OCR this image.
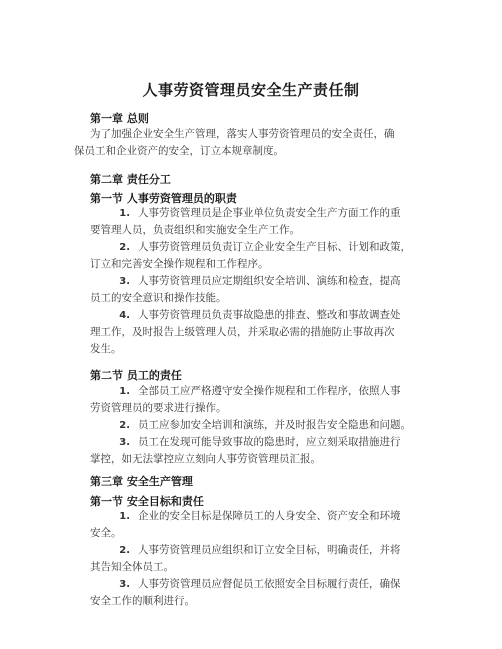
人事劳资管理员安全生产责任制
第一章 总则
为了加强企业安全生产管理，落实人事劳资管理员的安全责任，确
保员工和企业资产的安全，订立本规章制度。
第二章 责任分工
第一节 人事劳资管理员的职责
1. 人事劳资管理员是企事业单位负责安全生产方面工作的重
要管理人员，负责组织和实施安全生产工作。
2. 人事劳资管理员负责订立企业安全生产目标、计划和政策，
订立和完善安全操作规程和工作程序。
3. 人事劳资管理员应定期组织安全培训、演练和检查，提高
员工的安全意识和操作技能。
4. 人事劳资管理员负责事故隐患的排查、整改和事故调查处
理工作，及时报告上级管理人员，并采取必需的措施防止事故再次
发生。
第二节 员工的责任
1. 全部员工应严格遵守安全操作规程和工作程序，依照人事
劳资管理员的要求进行操作。
2. 员工应参加安全培训和演练，并及时报告安全隐患和问题。
3. 员工在发现可能导致事故的隐患时，应立刻采取措施进行
掌控，如无法掌控应立刻向人事劳资管理员汇报。
第三章 安全生产管理
第一节 安全目标和责任
1. 企业的安全目标是保障员工的人身安全、资产安全和环境
安全。
2. 人事劳资管理员应组织和订立安全目标，明确责任，并将
其告知全体员工。
3. 人事劳资管理员应督促员工依照安全目标履行责任，确保
安全工作的顺利进行。
